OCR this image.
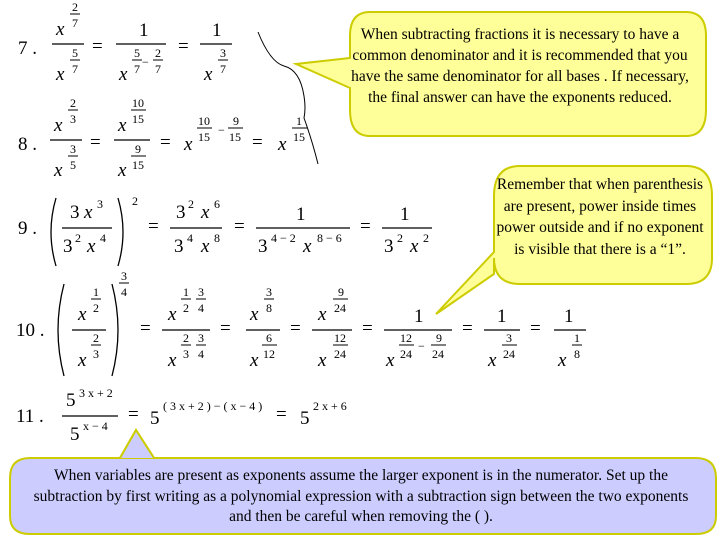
7 .
x
2
7
x
5
7
=
1
x
5
7 −
2
7
=
1
x
3
7
8 .
x
2
3
x
3
5
=
x
10
15
x
9
15
= x
10
15 −
9
15 = x
1
15
9 .
2
3 x 3
3 2 x 4
=
3 2 x 6
3 4 x 8
=
1
3 4 − 2 x 8 − 6
=
1
3 2 x 2
10 .
3
4
x
1
2
x
2
3
=
x
1
2
3
4
x
2
3
3
4
=
x
3
8
x
6
12
=
x
9
24
x
12
24
=
1
x
12
24
−
9
24
=
1
x
3
24
=
1
x
1
8
11 .
5 3 x + 2
5 x − 4
= 5
( 3 x + 2 ) − ( x − 4 ) = 5
2 x + 6
When subtracting fractions it is necessary to have a common denominator and it is recommended that you have the same denominator for all bases . If necessary, the final answer can have the exponents reduced.
Remember that when parenthesis are present, power inside times power outside and if no exponent is visible that there is a “1”.
When variables are present as exponents assume the larger exponent is in the numerator. Set up the subtraction by first writing as a polynomial expression with a subtraction sign between the two exponents and then be careful when removing the ( ).
